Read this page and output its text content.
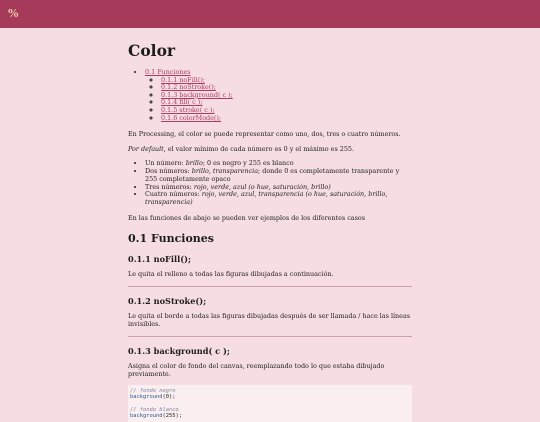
%
Color
• 0.1 Funciones
◦ 0.1.1 noFill();
◦ 0.1.2 noStroke();
◦ 0.1.3 background( c );
◦ 0.1.4 fill( c );
◦ 0.1.5 stroke( c );
◦ 0.1.6 colorMode();

En Processing, el color se puede representar como uno, dos, tres o cuatro números.

Por default, el valor mínimo de cada número es 0 y el máximo es 255.

• Un número: brillo; 0 es negro y 255 es blanco
• Dos números: brillo, transparencia; donde 0 es completamente transparente y 255 completamente opaco
• Tres números: rojo, verde, azul (o hue, saturación, brillo)
• Cuatro números: rojo, verde, azul, transparencia (o hue, saturación, brillo, transparencia)

En las funciones de abajo se pueden ver ejemplos de los diferentes casos

0.1 Funciones
0.1.1 noFill();

Le quita el relleno a todas las figuras dibujadas a continuación.

0.1.2 noStroke();

Le quita el borde a todas las figuras dibujadas después de ser llamada / hace las líneas invisibles.

0.1.3 background( c );

Asigna el color de fondo del canvas, reemplazando todo lo que estaba dibujado previamente.

// fondo negro
background(0);
// fondo blanco
background(255);
